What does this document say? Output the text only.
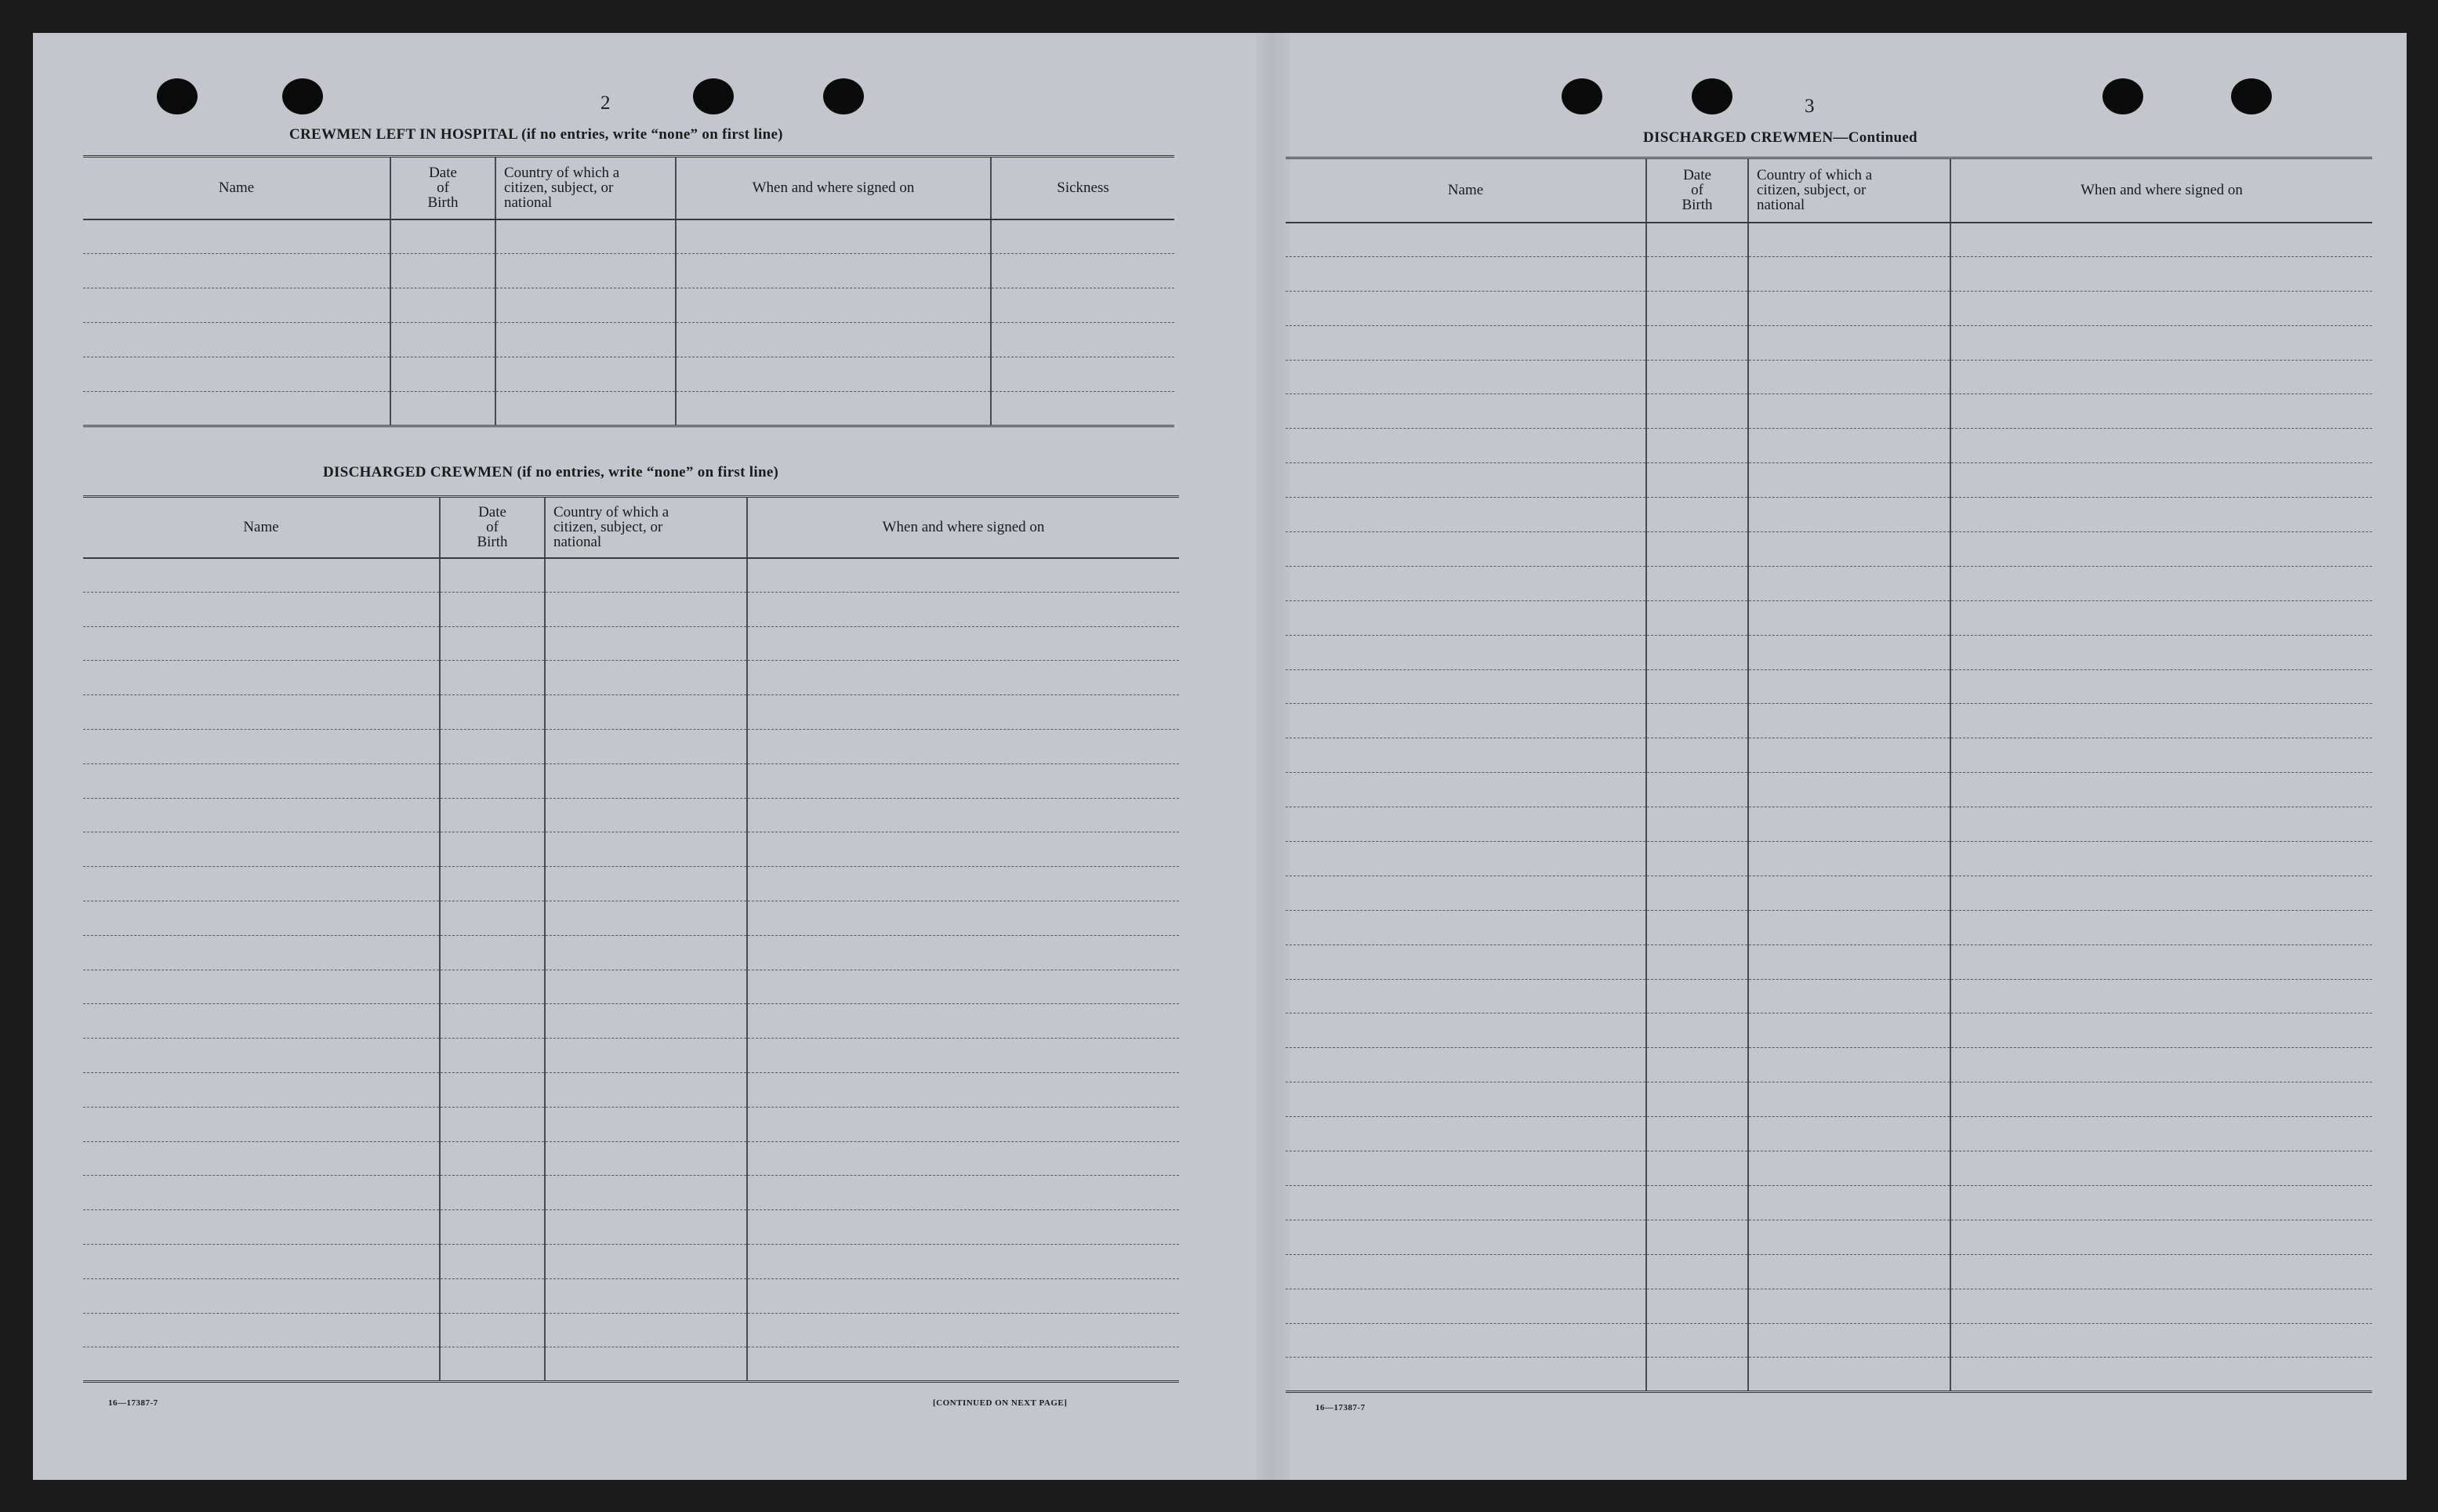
2
CREWMEN LEFT IN HOSPITAL (if no entries, write “none” on first line)
Name	Date
of
Birth	Country of which a
citizen, subject, or
national	When and where signed on	Sickness

DISCHARGED CREWMEN (if no entries, write “none” on first line)
Name	Date
of
Birth	Country of which a
citizen, subject, or
national	When and where signed on

16—17387-7	[CONTINUED ON NEXT PAGE]
3
DISCHARGED CREWMEN—Continued
Name	Date
of
Birth	Country of which a
citizen, subject, or
national	When and where signed on

16—17387-7
